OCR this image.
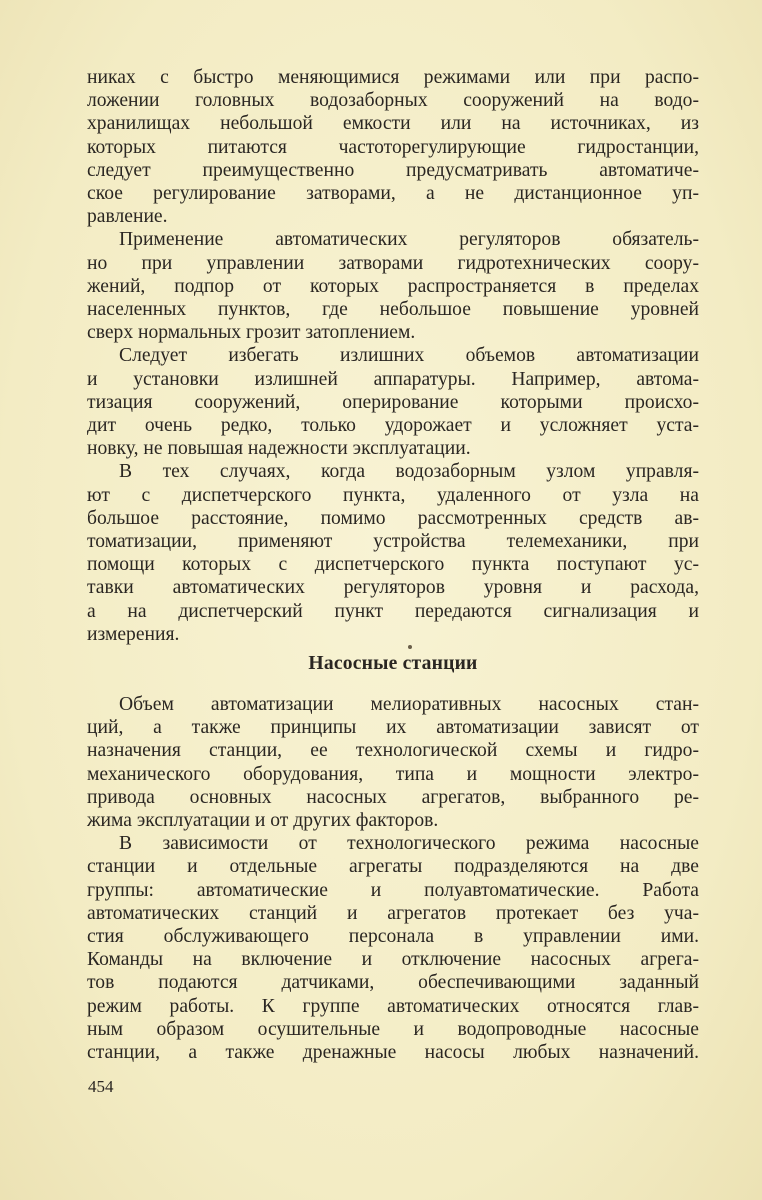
никах с быстро меняющимися режимами или при распо-
ложении головных водозаборных сооружений на водо-
хранилищах небольшой емкости или на источниках, из
которых питаются частоторегулирующие гидростанции,
следует преимущественно предусматривать автоматиче-
ское регулирование затворами, а не дистанционное уп-
равление.

Применение автоматических регуляторов обязатель-
но при управлении затворами гидротехнических соору-
жений, подпор от которых распространяется в пределах
населенных пунктов, где небольшое повышение уровней
сверх нормальных грозит затоплением.

Следует избегать излишних объемов автоматизации
и установки излишней аппаратуры. Например, автома-
тизация сооружений, оперирование которыми происхо-
дит очень редко, только удорожает и усложняет уста-
новку, не повышая надежности эксплуатации.

В тех случаях, когда водозаборным узлом управля-
ют с диспетчерского пункта, удаленного от узла на
большое расстояние, помимо рассмотренных средств ав-
томатизации, применяют устройства телемеханики, при
помощи которых с диспетчерского пункта поступают ус-
тавки автоматических регуляторов уровня и расхода,
а на диспетчерский пункт передаются сигнализация и
измерения.

Насосные станции

Объем автоматизации мелиоративных насосных стан-
ций, а также принципы их автоматизации зависят от
назначения станции, ее технологической схемы и гидро-
механического оборудования, типа и мощности электро-
привода основных насосных агрегатов, выбранного ре-
жима эксплуатации и от других факторов.

В зависимости от технологического режима насосные
станции и отдельные агрегаты подразделяются на две
группы: автоматические и полуавтоматические. Работа
автоматических станций и агрегатов протекает без уча-
стия обслуживающего персонала в управлении ими.
Команды на включение и отключение насосных агрега-
тов подаются датчиками, обеспечивающими заданный
режим работы. К группе автоматических относятся глав-
ным образом осушительные и водопроводные насосные
станции, а также дренажные насосы любых назначений.

454
